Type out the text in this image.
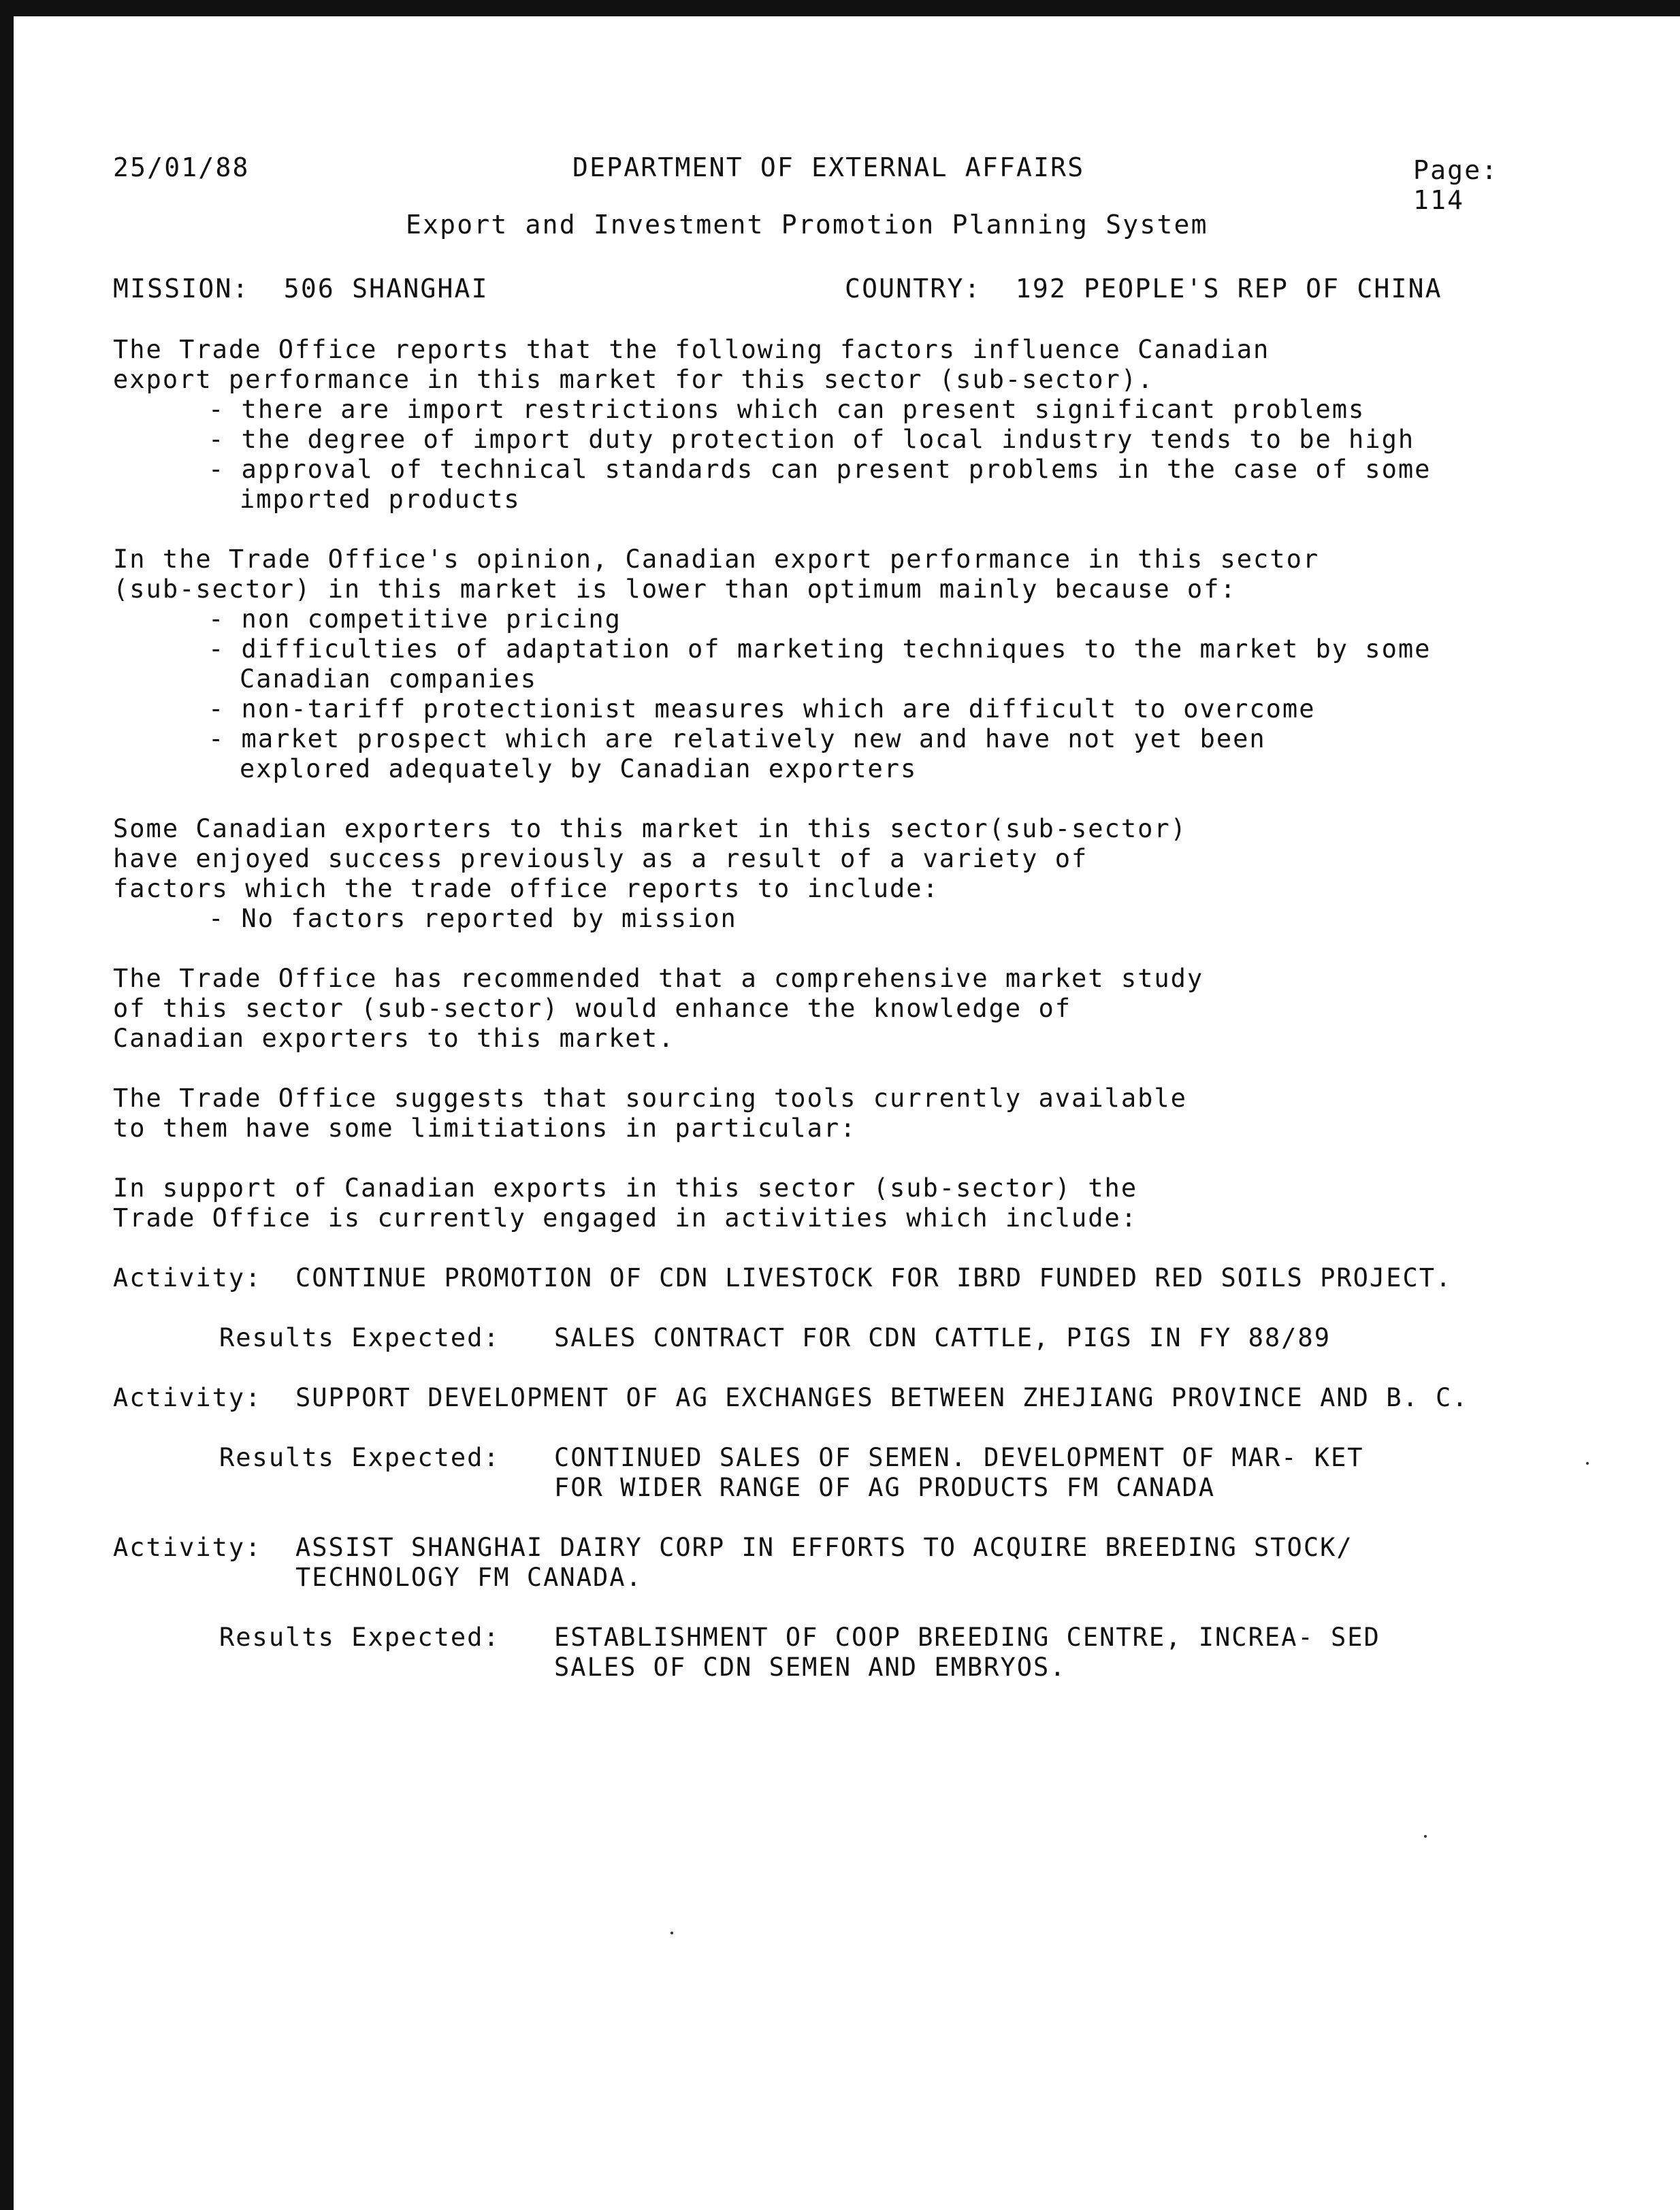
25/01/88	DEPARTMENT OF EXTERNAL AFFAIRS	Page: 114
Export and Investment Promotion Planning System
MISSION:  506 SHANGHAI	COUNTRY:  192 PEOPLE'S REP OF CHINA
The Trade Office reports that the following factors influence Canadian
export performance in this market for this sector (sub-sector).
- there are import restrictions which can present significant problems
- the degree of import duty protection of local industry tends to be high
- approval of technical standards can present problems in the case of some imported products
In the Trade Office's opinion, Canadian export performance in this sector
(sub-sector) in this market is lower than optimum mainly because of:
- non competitive pricing
- difficulties of adaptation of marketing techniques to the market by some Canadian companies
- non-tariff protectionist measures which are difficult to overcome
- market prospect which are relatively new and have not yet been explored adequately by Canadian exporters
Some Canadian exporters to this market in this sector(sub-sector)
have enjoyed success previously as a result of a variety of
factors which the trade office reports to include:
- No factors reported by mission
The Trade Office has recommended that a comprehensive market study
of this sector (sub-sector) would enhance the knowledge of
Canadian exporters to this market.
The Trade Office suggests that sourcing tools currently available
to them have some limitiations in particular:
In support of Canadian exports in this sector (sub-sector) the
Trade Office is currently engaged in activities which include:
Activity: CONTINUE PROMOTION OF CDN LIVESTOCK FOR IBRD FUNDED RED SOILS PROJECT.
Results Expected: SALES CONTRACT FOR CDN CATTLE, PIGS IN FY 88/89
Activity: SUPPORT DEVELOPMENT OF AG EXCHANGES BETWEEN ZHEJIANG PROVINCE AND B. C.
Results Expected: CONTINUED SALES OF SEMEN. DEVELOPMENT OF MAR- KET FOR WIDER RANGE OF AG PRODUCTS FM CANADA
Activity: ASSIST SHANGHAI DAIRY CORP IN EFFORTS TO ACQUIRE BREEDING STOCK/ TECHNOLOGY FM CANADA.
Results Expected: ESTABLISHMENT OF COOP BREEDING CENTRE, INCREA- SED SALES OF CDN SEMEN AND EMBRYOS.
